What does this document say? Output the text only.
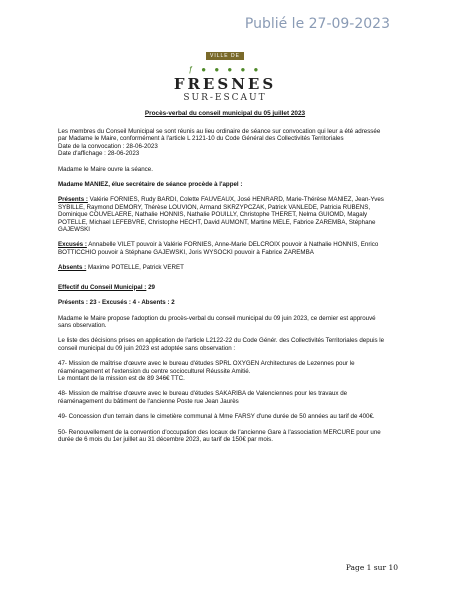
Publié le 27-09-2023
VILLE DE
ƒ ● ● ● ● ●
FRESNES
SUR-ESCAUT
Procès-verbal du conseil municipal du 05 juillet 2023

Les membres du Conseil Municipal se sont réunis au lieu ordinaire de séance sur convocation qui leur a été adressée par Madame le Maire, conformément à l'article L 2121-10 du Code Général des Collectivités Territoriales

Date de la convocation : 28-06-2023

Date d'affichage : 28-06-2023

Madame le Maire ouvre la séance.

Madame MANIEZ, élue secrétaire de séance procède à l'appel :

Présents : Valérie FORNIES, Rudy BARDI, Colette FAUVEAUX, José HENRARD, Marie-Thérèse MANIEZ, Jean-Yves SYBILLE, Raymond DEMORY, Thérèse LOUVION, Armand SKRZYPCZAK, Patrick VANLEDE, Patricia RUBENS, Dominique COUVELAERE, Nathalie HONNIS, Nathalie POUILLY, Christophe THERET, Nelma GUIOMD, Magaly POTELLE, Michael LEFEBVRE, Christophe HECHT, David AUMONT, Martine MELE, Fabrice ZAREMBA, Stéphane GAJEWSKI

Excusés : Annabelle VILET pouvoir à Valérie FORNIES, Anne-Marie DELCROIX pouvoir à Nathalie HONNIS, Enrico BOTTICCHIO pouvoir à Stéphane GAJEWSKI, Joris WYSOCKI pouvoir à Fabrice ZAREMBA

Absents : Maxime POTELLE, Patrick VERET

Effectif du Conseil Municipal : 29

Présents : 23 - Excusés : 4 - Absents : 2

Madame le Maire propose l'adoption du procès-verbal du conseil municipal du 09 juin 2023, ce dernier est approuvé sans observation.

Le liste des décisions prises en application de l'article L2122-22 du Code Génér. des Collectivités Territoriales depuis le conseil municipal du 09 juin 2023 est adoptée sans observation :

47- Mission de maîtrise d'œuvre avec le bureau d'études SPRL OXYGEN Architectures de Lezennes pour le réaménagement et l'extension du centre socioculturel Réussite Amitié.

Le montant de la mission est de 89 346€ TTC.

48- Mission de maîtrise d'œuvre avec le bureau d'études SAKARIBA de Valenciennes pour les travaux de réaménagement du bâtiment de l'ancienne Poste rue Jean Jaurès

49- Concession d'un terrain dans le cimetière communal à Mme FARSY d'une durée de 50 années au tarif de 400€.

50- Renouvellement de la convention d'occupation des locaux de l'ancienne Gare à l'association MERCURE pour une durée de 6 mois du 1er juillet au 31 décembre 2023, au tarif de 150€ par mois.

Page 1 sur 10
